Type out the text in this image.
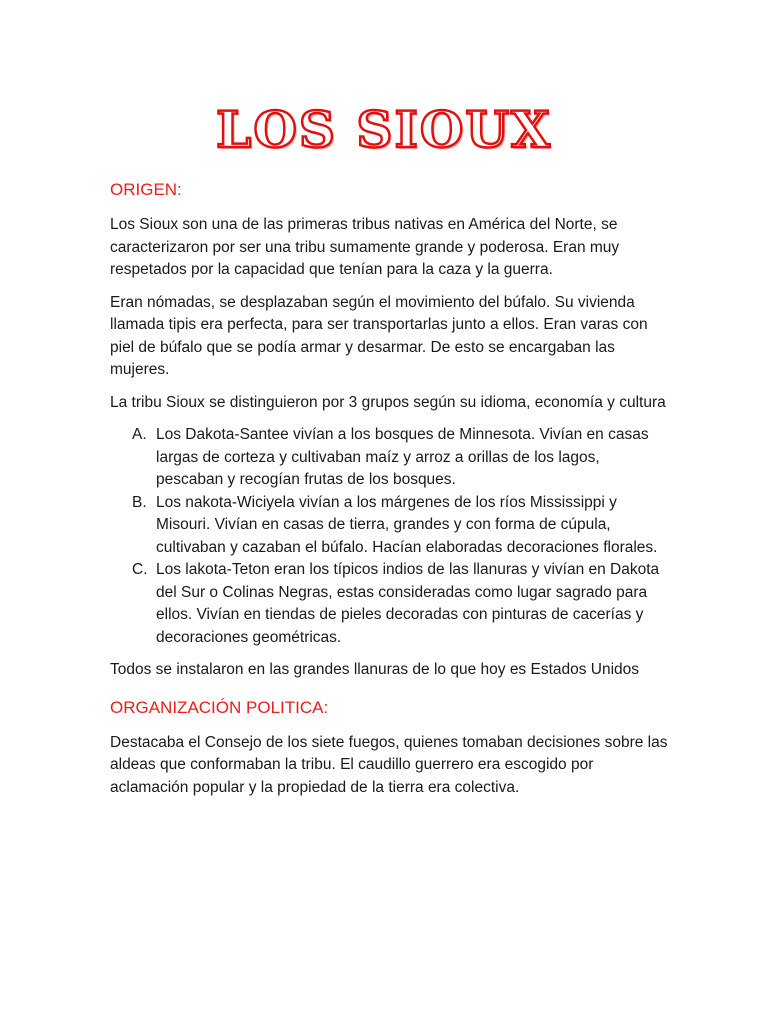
LOS SIOUX
ORIGEN:

Los Sioux son una de las primeras tribus nativas en América del Norte, se caracterizaron por ser una tribu sumamente grande y poderosa. Eran muy respetados por la capacidad que tenían para la caza y la guerra.

Eran nómadas, se desplazaban según el movimiento del búfalo. Su vivienda llamada tipis era perfecta, para ser transportarlas junto a ellos. Eran varas con piel de búfalo que se podía armar y desarmar. De esto se encargaban las mujeres.

La tribu Sioux se distinguieron por 3 grupos según su idioma, economía y cultura

A. Los Dakota-Santee vivían a los bosques de Minnesota. Vivían en casas largas de corteza y cultivaban maíz y arroz a orillas de los lagos, pescaban y recogían frutas de los bosques.
B. Los nakota-Wiciyela vivían a los márgenes de los ríos Mississippi y Misouri. Vivían en casas de tierra, grandes y con forma de cúpula, cultivaban y cazaban el búfalo. Hacían elaboradas decoraciones florales.
C. Los lakota-Teton eran los típicos indios de las llanuras y vivían en Dakota del Sur o Colinas Negras, estas consideradas como lugar sagrado para ellos. Vivían en tiendas de pieles decoradas con pinturas de cacerías y decoraciones geométricas.

Todos se instalaron en las grandes llanuras de lo que hoy es Estados Unidos

ORGANIZACIÓN POLITICA:

Destacaba el Consejo de los siete fuegos, quienes tomaban decisiones sobre las aldeas que conformaban la tribu. El caudillo guerrero era escogido por aclamación popular y la propiedad de la tierra era colectiva.
